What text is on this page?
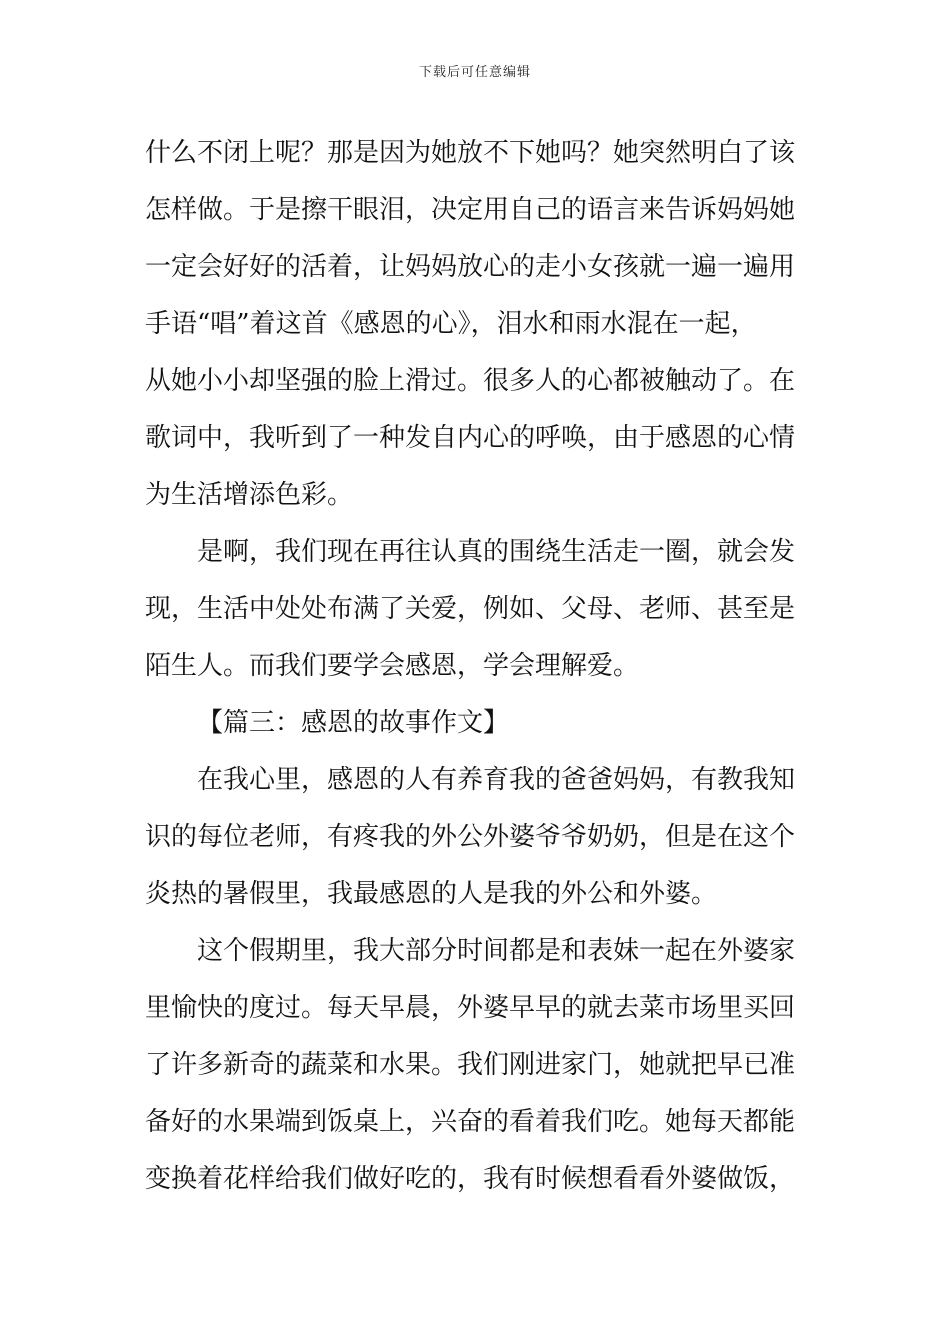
下载后可任意编辑
什么不闭上呢？那是因为她放不下她吗？她突然明白了该
怎样做。于是擦干眼泪，决定用自己的语言来告诉妈妈她
一定会好好的活着，让妈妈放心的走小女孩就一遍一遍用
手语“唱”着这首《感恩的心》，泪水和雨水混在一起，
从她小小却坚强的脸上滑过。很多人的心都被触动了。在
歌词中，我听到了一种发自内心的呼唤，由于感恩的心情
为生活增添色彩。
是啊，我们现在再往认真的围绕生活走一圈，就会发
现，生活中处处布满了关爱，例如、父母、老师、甚至是
陌生人。而我们要学会感恩，学会理解爱。
【篇三：感恩的故事作文】
在我心里，感恩的人有养育我的爸爸妈妈，有教我知
识的每位老师，有疼我的外公外婆爷爷奶奶，但是在这个
炎热的暑假里，我最感恩的人是我的外公和外婆。
这个假期里，我大部分时间都是和表妹一起在外婆家
里愉快的度过。每天早晨，外婆早早的就去菜市场里买回
了许多新奇的蔬菜和水果。我们刚进家门，她就把早已准
备好的水果端到饭桌上，兴奋的看着我们吃。她每天都能
变换着花样给我们做好吃的，我有时候想看看外婆做饭，
